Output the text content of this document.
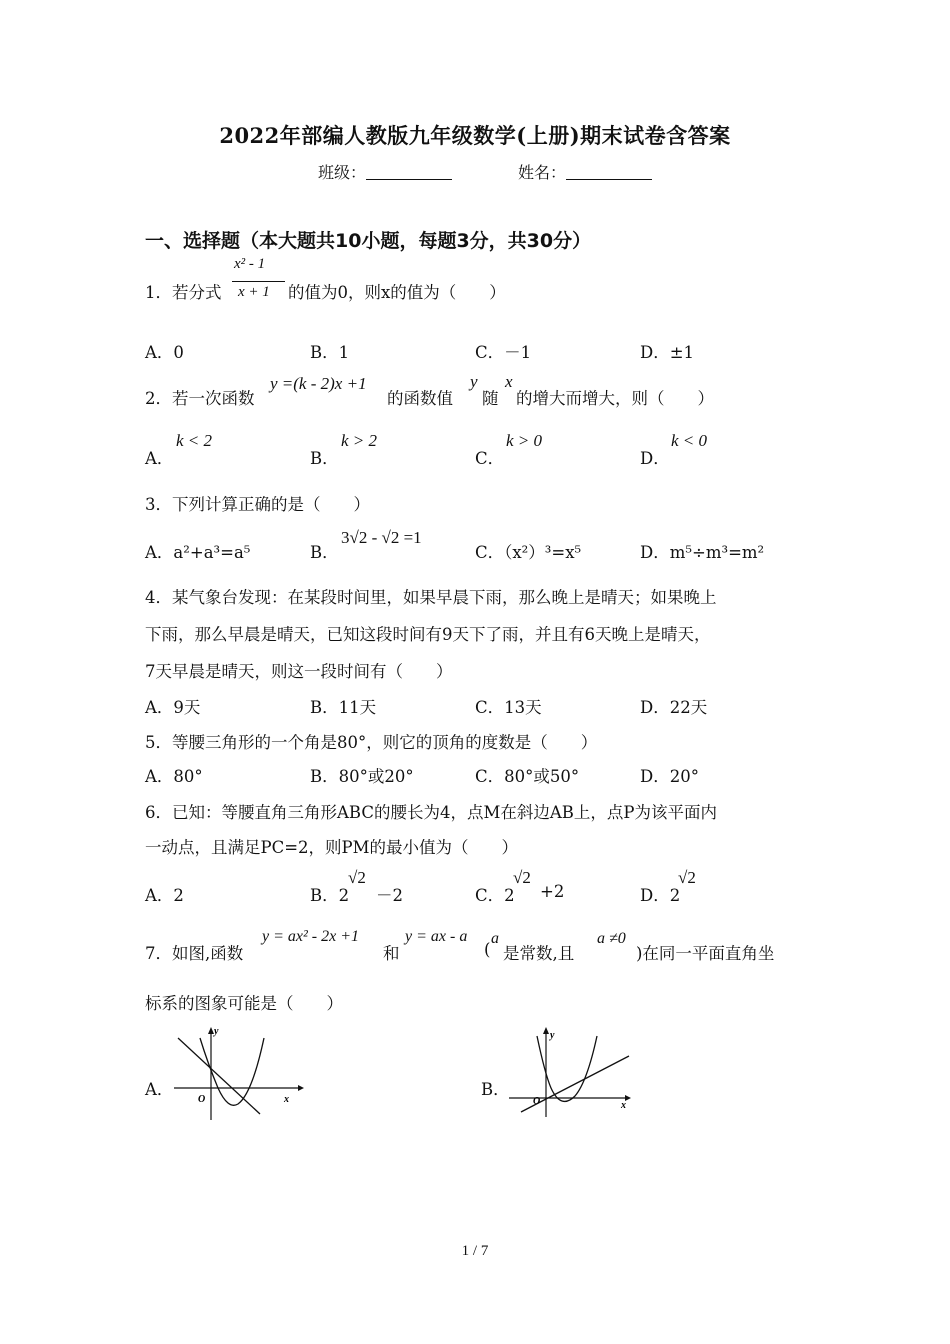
2022年部编人教版九年级数学(上册)期末试卷含答案
班级：	姓名：
一、选择题（本大题共10小题，每题3分，共30分）
1．若分式
x² - 1
x + 1 的值为0，则x的值为（　　）
A．0	B．1	C．－1	D．±1
2．若一次函数
y =(k - 2)x +1
的函数值
y
随
x
的增大而增大，则（　　）
A．
k < 2
B．
k > 2
C．
k > 0
D．
k < 0
3．下列计算正确的是（　　）
A．a²+a³=a⁵	B．
3√2 - √2 =1
C．（x²）³=x⁵	D．m⁵÷m³=m²
4．某气象台发现：在某段时间里，如果早晨下雨，那么晚上是晴天；如果晚上
下雨，那么早晨是晴天，已知这段时间有9天下了雨，并且有6天晚上是晴天，
7天早晨是晴天，则这一段时间有（　　）
A．9天	B．11天	C．13天	D．22天
5．等腰三角形的一个角是80°，则它的顶角的度数是（　　）
A．80°	B．80°或20°	C．80°或50°	D．20°
6．已知：等腰直角三角形ABC的腰长为4，点M在斜边AB上，点P为该平面内
一动点，且满足PC=2，则PM的最小值为（　　）
A．2	B．2
√2
－2	C．2
√2
+2	D．2
√2
7．如图,函数
y = ax² - 2x +1
和
y = ax - a
(
a
是常数,且
a ≠0
)在同一平面直角坐
标系的图象可能是（　　）
A．
y
x
O
B．
y
x
O
1 / 7
